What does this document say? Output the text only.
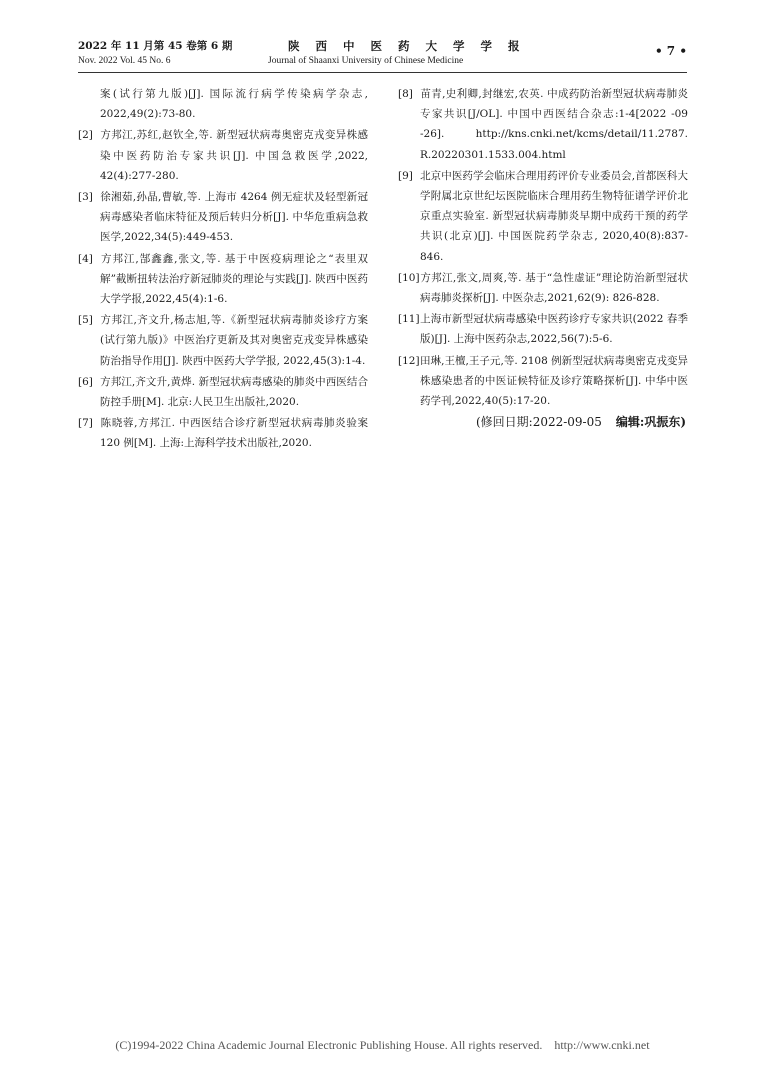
2022 年 11 月第 45 卷第 6 期
Nov. 2022 Vol. 45 No. 6
陕 西 中 医 药 大 学 学 报
Journal of Shaanxi University of Chinese Medicine
• 7 •
案(试行第九版)[J]. 国际流行病学传染病学杂志, 2022,49(2):73-80.
[2] 方邦江,苏红,赵钦全,等. 新型冠状病毒奥密克戎变异株感染中医药防治专家共识[J]. 中国急救医学,2022, 42(4):277-280.
[3] 徐湘茹,孙晶,曹敏,等. 上海市 4264 例无症状及轻型新冠病毒感染者临床特征及预后转归分析[J]. 中华危重病急救医学,2022,34(5):449-453.
[4] 方邦江,郜鑫鑫,张文,等. 基于中医疫病理论之“表里双解”截断扭转法治疗新冠肺炎的理论与实践[J]. 陕西中医药大学学报,2022,45(4):1-6.
[5] 方邦江,齐文升,杨志旭,等.《新型冠状病毒肺炎诊疗方案(试行第九版)》中医治疗更新及其对奥密克戎变异株感染防治指导作用[J]. 陕西中医药大学学报, 2022,45(3):1-4.
[6] 方邦江,齐文升,黄烨. 新型冠状病毒感染的肺炎中西医结合防控手册[M]. 北京:人民卫生出版社,2020.
[7] 陈晓蓉,方邦江. 中西医结合诊疗新型冠状病毒肺炎验案 120 例[M]. 上海:上海科学技术出版社,2020.
[8] 苗青,史利卿,封继宏,农英. 中成药防治新型冠状病毒肺炎专家共识[J/OL]. 中国中西医结合杂志:1-4[2022 -09 -26]. http://kns.cnki.net/kcms/detail/11.2787. R.20220301.1533.004.html
[9] 北京中医药学会临床合理用药评价专业委员会,首都医科大学附属北京世纪坛医院临床合理用药生物特征谱学评价北京重点实验室. 新型冠状病毒肺炎早期中成药干预的药学共识(北京)[J]. 中国医院药学杂志, 2020,40(8):837-846.
[10]方邦江,张文,周爽,等. 基于“急性虚证”理论防治新型冠状病毒肺炎探析[J]. 中医杂志,2021,62(9): 826-828.
[11]上海市新型冠状病毒感染中医药诊疗专家共识(2022 春季版)[J]. 上海中医药杂志,2022,56(7):5-6.
[12]田琳,王檀,王子元,等. 2108 例新型冠状病毒奥密克戎变异株感染患者的中医证候特征及诊疗策略探析[J]. 中华中医药学刊,2022,40(5):17-20.
(修回日期:2022-09-05 编辑:巩振东)
(C)1994-2022 China Academic Journal Electronic Publishing House. All rights reserved. http://www.cnki.net
